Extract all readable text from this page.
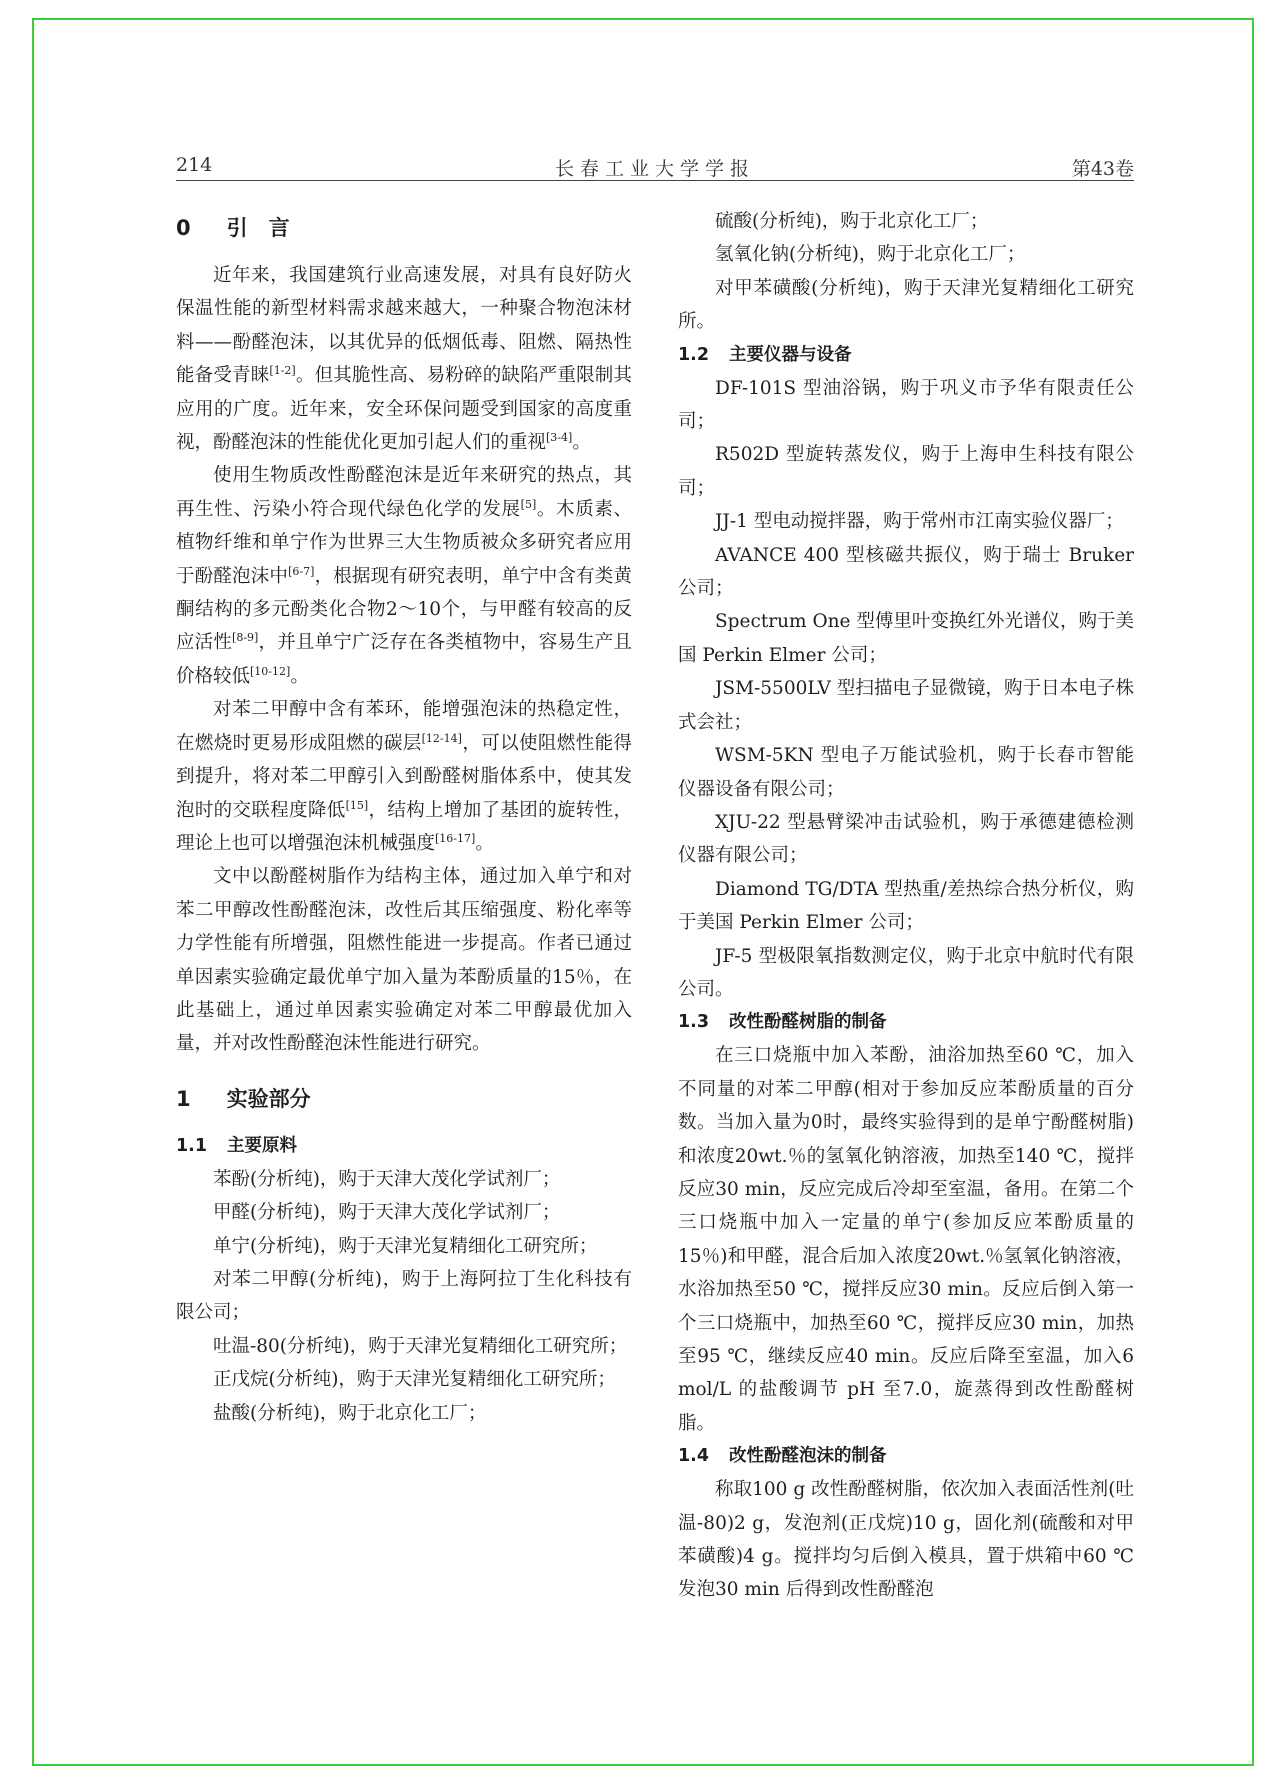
214	长春工业大学学报	第43卷
0 引　言

近年来，我国建筑行业高速发展，对具有良好防火保温性能的新型材料需求越来越大，一种聚合物泡沫材料——酚醛泡沫，以其优异的低烟低毒、阻燃、隔热性能备受青睐[1-2]。但其脆性高、易粉碎的缺陷严重限制其应用的广度。近年来，安全环保问题受到国家的高度重视，酚醛泡沫的性能优化更加引起人们的重视[3-4]。

使用生物质改性酚醛泡沫是近年来研究的热点，其再生性、污染小符合现代绿色化学的发展[5]。木质素、植物纤维和单宁作为世界三大生物质被众多研究者应用于酚醛泡沫中[6-7]，根据现有研究表明，单宁中含有类黄酮结构的多元酚类化合物2～10个，与甲醛有较高的反应活性[8-9]，并且单宁广泛存在各类植物中，容易生产且价格较低[10-12]。

对苯二甲醇中含有苯环，能增强泡沫的热稳定性，在燃烧时更易形成阻燃的碳层[12-14]，可以使阻燃性能得到提升，将对苯二甲醇引入到酚醛树脂体系中，使其发泡时的交联程度降低[15]，结构上增加了基团的旋转性，理论上也可以增强泡沫机械强度[16-17]。

文中以酚醛树脂作为结构主体，通过加入单宁和对苯二甲醇改性酚醛泡沫，改性后其压缩强度、粉化率等力学性能有所增强，阻燃性能进一步提高。作者已通过单因素实验确定最优单宁加入量为苯酚质量的15％，在此基础上，通过单因素实验确定对苯二甲醇最优加入量，并对改性酚醛泡沫性能进行研究。

1 实验部分
1.1 主要原料

苯酚(分析纯)，购于天津大茂化学试剂厂；

甲醛(分析纯)，购于天津大茂化学试剂厂；

单宁(分析纯)，购于天津光复精细化工研究所；

对苯二甲醇(分析纯)，购于上海阿拉丁生化科技有限公司；

吐温-80(分析纯)，购于天津光复精细化工研究所；

正戊烷(分析纯)，购于天津光复精细化工研究所；

盐酸(分析纯)，购于北京化工厂；

硫酸(分析纯)，购于北京化工厂；

氢氧化钠(分析纯)，购于北京化工厂；

对甲苯磺酸(分析纯)，购于天津光复精细化工研究所。

1.2 主要仪器与设备

DF-101S 型油浴锅，购于巩义市予华有限责任公司；

R502D 型旋转蒸发仪，购于上海申生科技有限公司；

JJ-1 型电动搅拌器，购于常州市江南实验仪器厂；

AVANCE 400 型核磁共振仪，购于瑞士 Bruker 公司；

Spectrum One 型傅里叶变换红外光谱仪，购于美国 Perkin Elmer 公司；

JSM-5500LV 型扫描电子显微镜，购于日本电子株式会社；

WSM-5KN 型电子万能试验机，购于长春市智能仪器设备有限公司；

XJU-22 型悬臂梁冲击试验机，购于承德建德检测仪器有限公司；

Diamond TG/DTA 型热重/差热综合热分析仪，购于美国 Perkin Elmer 公司；

JF-5 型极限氧指数测定仪，购于北京中航时代有限公司。

1.3 改性酚醛树脂的制备

在三口烧瓶中加入苯酚，油浴加热至60 ℃，加入不同量的对苯二甲醇(相对于参加反应苯酚质量的百分数。当加入量为0时，最终实验得到的是单宁酚醛树脂)和浓度20wt.％的氢氧化钠溶液，加热至140 ℃，搅拌反应30 min，反应完成后冷却至室温，备用。在第二个三口烧瓶中加入一定量的单宁(参加反应苯酚质量的15％)和甲醛，混合后加入浓度20wt.％氢氧化钠溶液，水浴加热至50 ℃，搅拌反应30 min。反应后倒入第一个三口烧瓶中，加热至60 ℃，搅拌反应30 min，加热至95 ℃，继续反应40 min。反应后降至室温，加入6 mol/L 的盐酸调节 pH 至7.0，旋蒸得到改性酚醛树脂。

1.4 改性酚醛泡沫的制备

称取100 g 改性酚醛树脂，依次加入表面活性剂(吐温-80)2 g，发泡剂(正戊烷)10 g，固化剂(硫酸和对甲苯磺酸)4 g。搅拌均匀后倒入模具，置于烘箱中60 ℃发泡30 min 后得到改性酚醛泡
